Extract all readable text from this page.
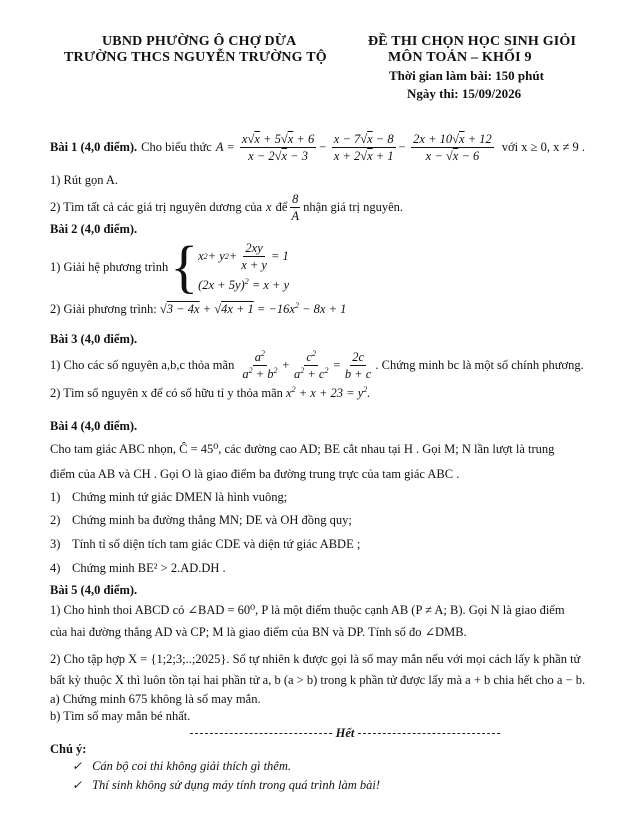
UBND PHƯỜNG Ô CHỢ DỪA
TRƯỜNG THCS NGUYỄN TRƯỜNG TỘ
ĐỀ THI CHỌN HỌC SINH GIỎI
MÔN TOÁN – KHỐI 9
Thời gian làm bài: 150 phút
Ngày thi: 15/09/2026
Bài 1 (4,0 điểm). Cho biểu thức $A = \frac{x√x + 5√x + 6}{x - 2√x - 3} - \frac{x - 7√x - 8}{x + 2√x + 1} - \frac{2x + 10√x + 12}{x - √x - 6}$ với x ≥ 0, x ≠ 9 .
1) Rút gọn A.
2) Tìm tất cả các giá trị nguyên dương của x để $\frac{8}{A}$ nhận giá trị nguyên.
Bài 2 (4,0 điểm).
1) Giải hệ phương trình { x 2 + y $2 + \frac{2xy}{x + y} = 1$
$(2x + 5y)^2 = x + y$
2) Giải phương trình: $√3 - 4x + √4x + 1 = -16x^2 - 8x + 1$
Bài 3 (4,0 điểm).
1) Cho các số nguyên a,b,c thỏa mãn $\frac{a^2}{a^2 + b^2} + \frac{c^2}{a^2 + c^2} = \frac{2c}{b + c}$ . Chứng minh bc là một số chính phương.
2) Tìm số nguyên x để có số hữu tỉ y thỏa mãn $x^2 + x + 23 = y^2$.
Bài 4 (4,0 điểm).
Cho tam giác ABC nhọn, Ĉ = 45⁰, các đường cao AD; BE cắt nhau tại H . Gọi M; N lần lượt là trung
điểm của AB và CH . Gọi O là giao điểm ba đường trung trực của tam giác ABC .
1) Chứng minh tứ giác DMEN là hình vuông;
2) Chứng minh ba đường thẳng MN; DE và OH đồng quy;
3) Tính tỉ số diện tích tam giác CDE và diện tứ giác ABDE ;
4) Chứng minh BE² > 2.AD.DH .
Bài 5 (4,0 điểm).
1) Cho hình thoi ABCD có ∠BAD = 60⁰, P là một điểm thuộc cạnh AB (P ≠ A; B). Gọi N là giao điểm
của hai đường thẳng AD và CP; M là giao điểm của BN và DP. Tính số đo ∠DMB.
2) Cho tập hợp X = {1;2;3;..;2025}. Số tự nhiên k được gọi là số may mắn nếu với mọi cách lấy k phần tử
bất kỳ thuộc X thì luôn tồn tại hai phần tử a, b (a > b) trong k phần tử được lấy mà a + b chia hết cho a − b.
a) Chứng minh 675 không là số may mắn.
b) Tìm số may mắn bé nhất.
Hết
Chú ý:
✓ Cán bộ coi thi không giải thích gì thêm.
✓ Thí sinh không sử dụng máy tính trong quá trình làm bài!
